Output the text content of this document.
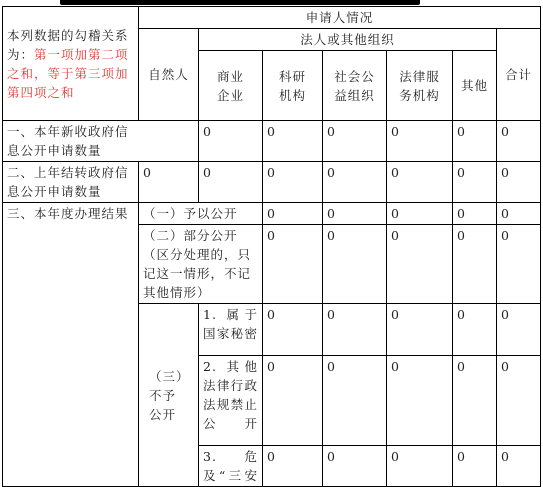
本列数据的勾稽关系为：第一项加第二项之和，等于第三项加第四项之和	申请人情况							
	自然人	法人或其他组织					合计	
		商业企业	科研机构	社会公益组织	法律服务机构	其他		
一、本年新收政府信息公开申请数量		0	0	0	0	0	0	
二、上年结转政府信息公开申请数量	0	0	0	0	0	0	0	
三、本年度办理结果	（一）予以公开		0	0	0	0	0	
	（二）部分公开（区分处理的，只记这一情形，不记其他情形）		0	0	0	0	0	
	（三）不予公开	1. 属于国家秘密	0	0	0	0	0	
		2. 其他法律行政法规禁止公开	0	0	0	0	0	
		3. 危及“三安	0	0	0	0	0	
